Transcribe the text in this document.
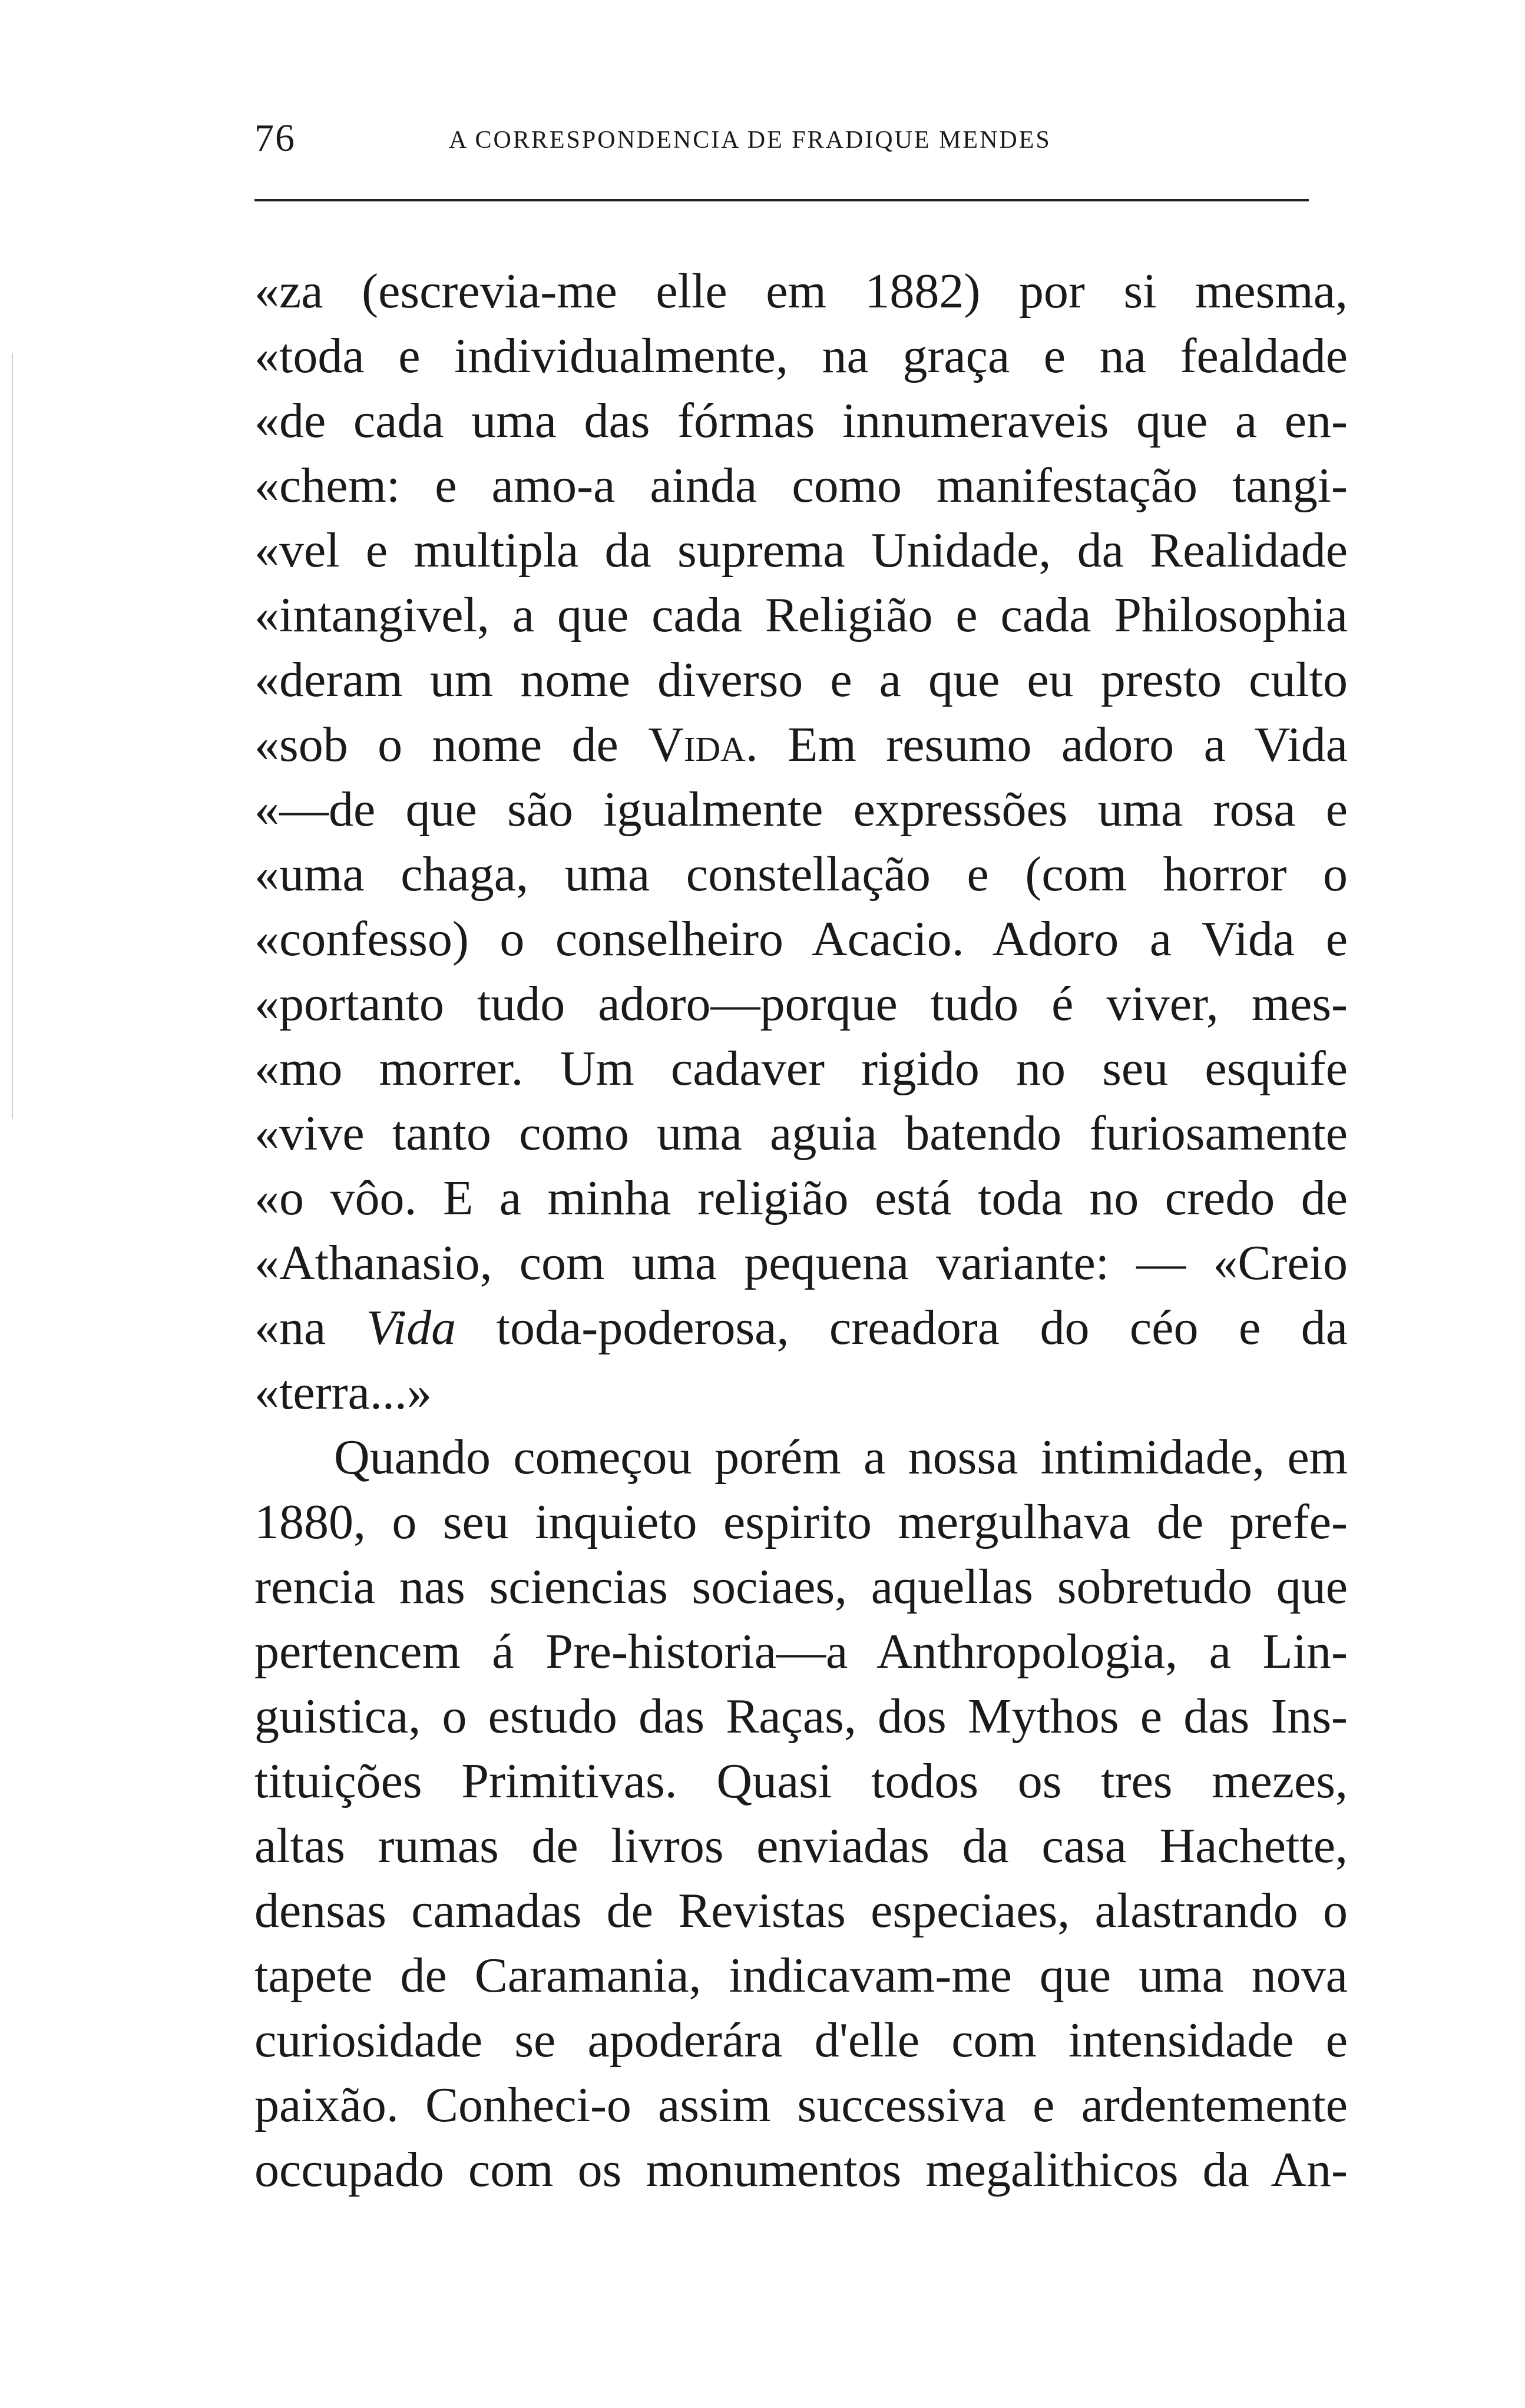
76	A CORRESPONDENCIA DE FRADIQUE MENDES
«za (escrevia-me elle em 1882) por si mesma,
«toda e individualmente, na graça e na fealdade
«de cada uma das fórmas innumeraveis que a en-
«chem: e amo-a ainda como manifestação tangi-
«vel e multipla da suprema Unidade, da Realidade
«intangivel, a que cada Religião e cada Philosophia
«deram um nome diverso e a que eu presto culto
«sob o nome de Vida. Em resumo adoro a Vida
«—de que são igualmente expressões uma rosa e
«uma chaga, uma constellação e (com horror o
«confesso) o conselheiro Acacio. Adoro a Vida e
«portanto tudo adoro—porque tudo é viver, mes-
«mo morrer. Um cadaver rigido no seu esquife
«vive tanto como uma aguia batendo furiosamente
«o vôo. E a minha religião está toda no credo de
«Athanasio, com uma pequena variante: — «Creio
«na Vida toda-poderosa, creadora do céo e da
«terra...»
Quando começou porém a nossa intimidade, em
1880, o seu inquieto espirito mergulhava de prefe-
rencia nas sciencias sociaes, aquellas sobretudo que
pertencem á Pre-historia—a Anthropologia, a Lin-
guistica, o estudo das Raças, dos Mythos e das Ins-
tituições Primitivas. Quasi todos os tres mezes,
altas rumas de livros enviadas da casa Hachette,
densas camadas de Revistas especiaes, alastrando o
tapete de Caramania, indicavam-me que uma nova
curiosidade se apoderára d'elle com intensidade e
paixão. Conheci-o assim successiva e ardentemente
occupado com os monumentos megalithicos da An-
